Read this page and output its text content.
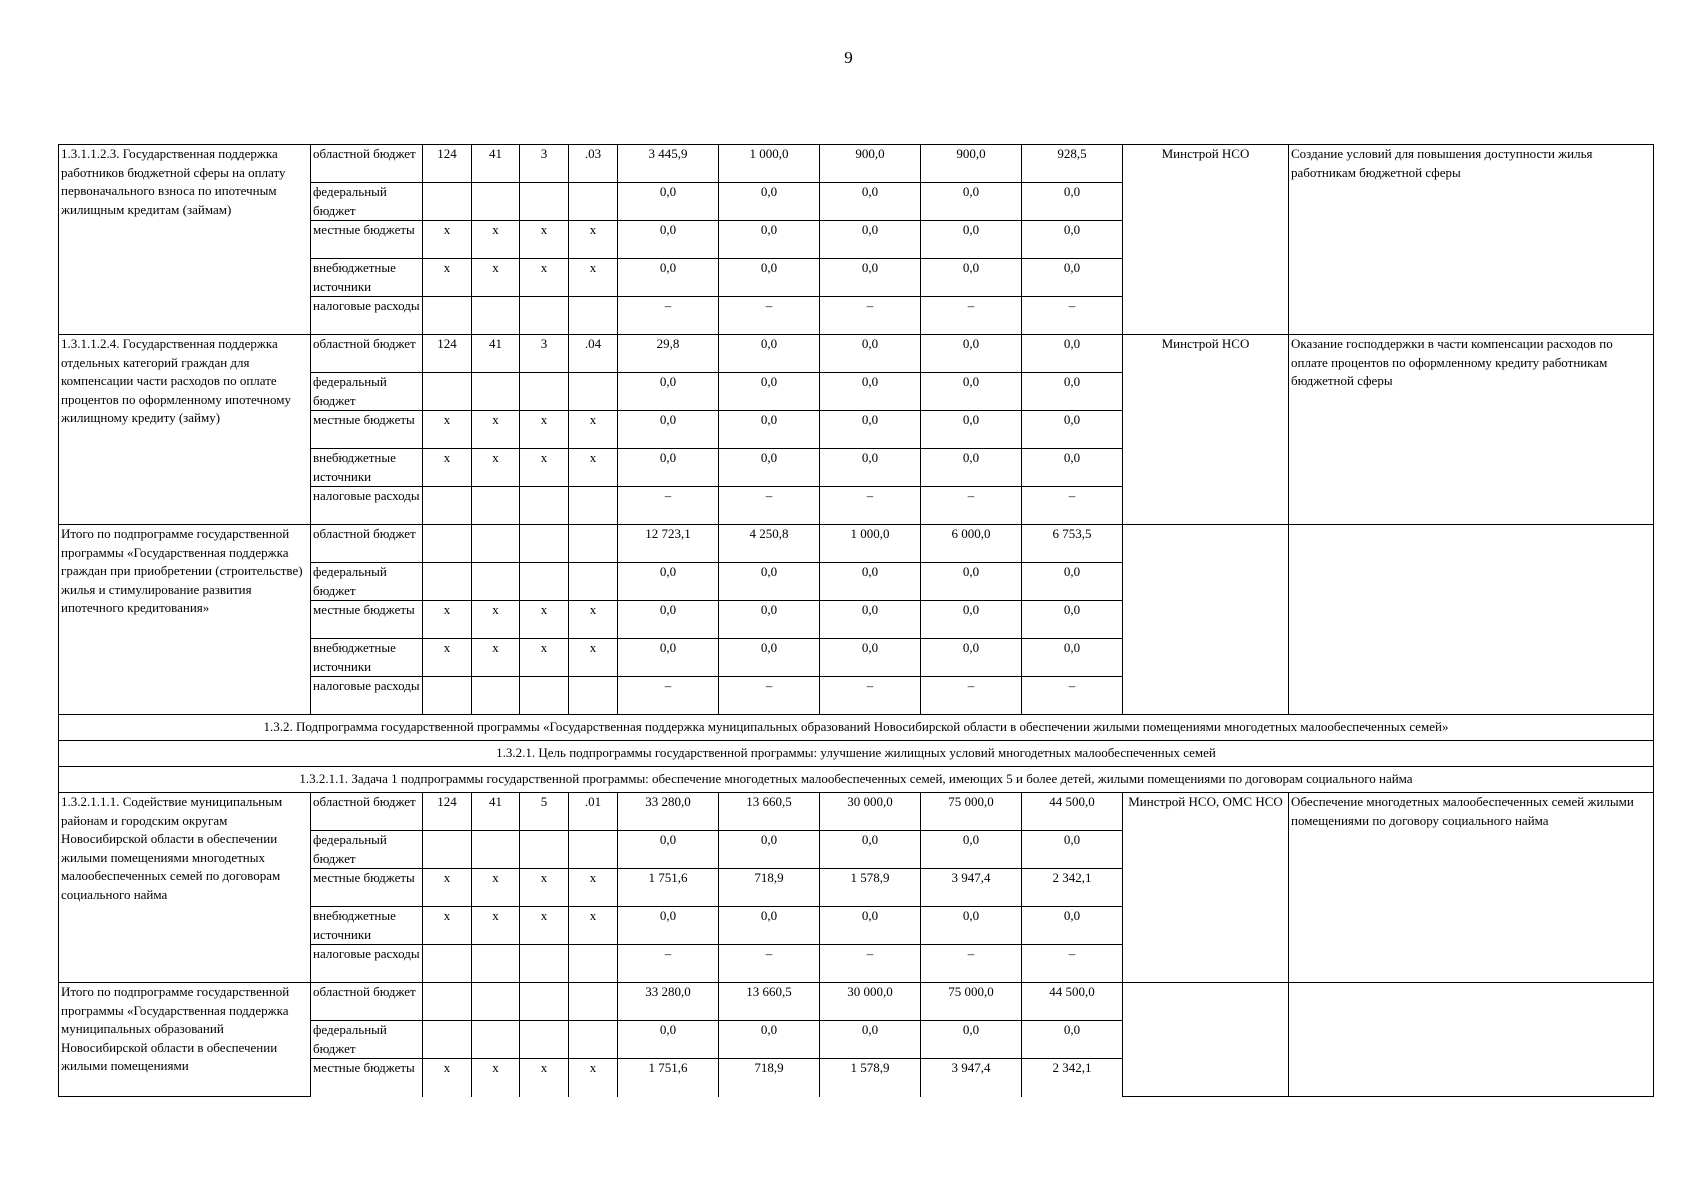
9
1.3.1.1.2.3. Государственная поддержка работников бюджетной сферы на оплату первоначального взноса по ипотечным жилищным кредитам (займам)	областной бюджет	124	41	3	.03	3 445,9	1 000,0	900,0	900,0	928,5	Минстрой НСО	Создание условий для повышения доступности жилья работникам бюджетной сферы
	федеральный бюджет					0,0	0,0	0,0	0,0	0,0		
	местные бюджеты	x	x	x	x	0,0	0,0	0,0	0,0	0,0		
	внебюджетные источники	x	x	x	x	0,0	0,0	0,0	0,0	0,0		
	налоговые расходы					–	–	–	–	–		
1.3.1.1.2.4. Государственная поддержка отдельных категорий граждан для компенсации части расходов по оплате процентов по оформленному ипотечному жилищному кредиту (займу)	областной бюджет	124	41	3	.04	29,8	0,0	0,0	0,0	0,0	Минстрой НСО	Оказание господдержки в части компенсации расходов по оплате процентов по оформленному кредиту работникам бюджетной сферы
	федеральный бюджет					0,0	0,0	0,0	0,0	0,0		
	местные бюджеты	x	x	x	x	0,0	0,0	0,0	0,0	0,0		
	внебюджетные источники	x	x	x	x	0,0	0,0	0,0	0,0	0,0		
	налоговые расходы					–	–	–	–	–		
Итого по подпрограмме государственной программы «Государственная поддержка граждан при приобретении (строительстве) жилья и стимулирование развития ипотечного кредитования»	областной бюджет					12 723,1	4 250,8	1 000,0	6 000,0	6 753,5		
	федеральный бюджет					0,0	0,0	0,0	0,0	0,0		
	местные бюджеты	x	x	x	x	0,0	0,0	0,0	0,0	0,0		
	внебюджетные источники	x	x	x	x	0,0	0,0	0,0	0,0	0,0		
	налоговые расходы					–	–	–	–	–		
1.3.2. Подпрограмма государственной программы «Государственная поддержка муниципальных образований Новосибирской области в обеспечении жилыми помещениями многодетных малообеспеченных семей»												
1.3.2.1. Цель подпрограммы государственной программы: улучшение жилищных условий многодетных малообеспеченных семей												
1.3.2.1.1. Задача 1 подпрограммы государственной программы: обеспечение многодетных малообеспеченных семей, имеющих 5 и более детей, жилыми помещениями по договорам социального найма												
1.3.2.1.1.1. Содействие муниципальным районам и городским округам Новосибирской области в обеспечении жилыми помещениями многодетных малообеспеченных семей по договорам социального найма	областной бюджет	124	41	5	.01	33 280,0	13 660,5	30 000,0	75 000,0	44 500,0	Минстрой НСО, ОМС НСО	Обеспечение многодетных малообеспеченных семей жилыми помещениями по договору социального найма
	федеральный бюджет					0,0	0,0	0,0	0,0	0,0		
	местные бюджеты	x	x	x	x	1 751,6	718,9	1 578,9	3 947,4	2 342,1		
	внебюджетные источники	x	x	x	x	0,0	0,0	0,0	0,0	0,0		
	налоговые расходы					–	–	–	–	–		
Итого по подпрограмме государственной программы «Государственная поддержка муниципальных образований Новосибирской области в обеспечении жилыми помещениями	областной бюджет					33 280,0	13 660,5	30 000,0	75 000,0	44 500,0		
	федеральный бюджет					0,0	0,0	0,0	0,0	0,0		
	местные бюджеты	x	x	x	x	1 751,6	718,9	1 578,9	3 947,4	2 342,1		
